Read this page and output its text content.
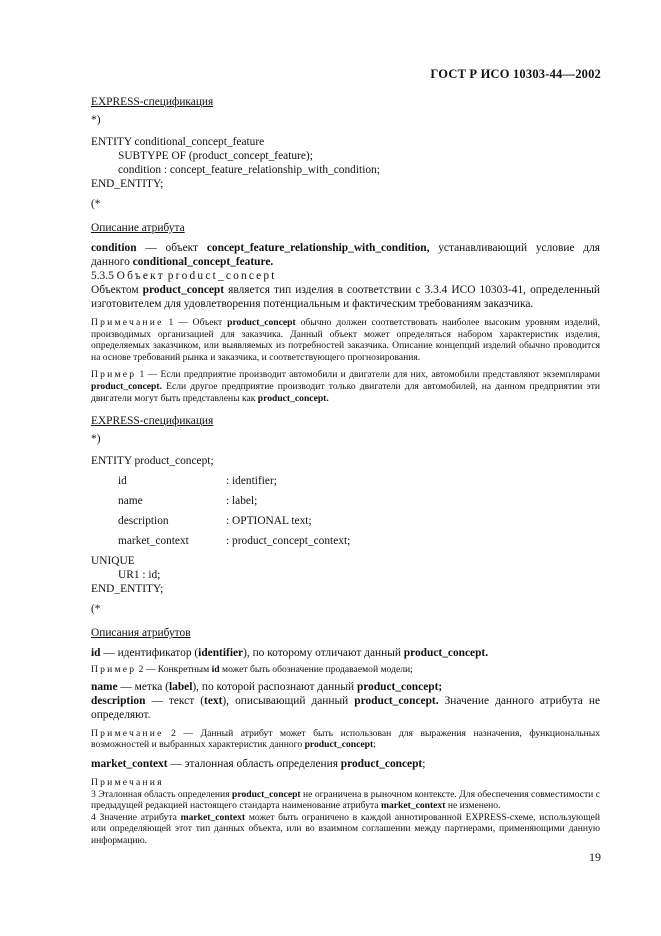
ГОСТ Р ИСО 10303-44—2002
EXPRESS-спецификация
*)
ENTITY conditional_concept_feature
SUBTYPE OF (product_concept_feature);
condition : concept_feature_relationship_with_condition;
END_ENTITY;
(*
Описание атрибута

condition — объект concept_feature_relationship_with_condition, устанавливающий условие для данного conditional_concept_feature.

5.3.5 Объект product_concept

Объектом product_concept является тип изделия в соответствии с 3.3.4 ИСО 10303-41, определенный изготовителем для удовлетворения потенциальным и фактическим требованиям заказчика.

Примечание 1 — Объект product_concept обычно должен соответствовать наиболее высоким уровням изделий, производимых организацией для заказчика. Данный объект может определяться набором характеристик изделия, определяемых заказчиком, или выявляемых из потребностей заказчика. Описание концепций изделий обычно проводится на основе требований рынка и заказчика, и соответствующего прогнозирования.

Пример 1 — Если предприятие производит автомобили и двигатели для них, автомобили представляют экземплярами product_concept. Если другое предприятие производит только двигатели для автомобилей, на данном предприятии эти двигатели могут быть представлены как product_concept.

EXPRESS-спецификация
*)
ENTITY product_concept;
id	: identifier;
name	: label;
description	: OPTIONAL text;
market_context	: product_concept_context;
UNIQUE
UR1 : id;
END_ENTITY;
(*
Описания атрибутов

id — идентификатор (identifier), по которому отличают данный product_concept.

Пример 2 — Конкретным id может быть обозначение продаваемой модели;

name — метка (label), по которой распознают данный product_concept;

description — текст (text), описывающий данный product_concept. Значение данного атрибута не определяют.

Примечание 2 — Данный атрибут может быть использован для выражения назначения, функциональных возможностей и выбранных характеристик данного product_concept;

market_context — эталонная область определения product_concept;

Примечания

3 Эталонная область определения product_concept не ограничена в рыночном контексте. Для обеспечения совместимости с предыдущей редакцией настоящего стандарта наименование атрибута market_context не изменено.

4 Значение атрибута market_context может быть ограничено в каждой аннотированной EXPRESS-схеме, использующей или определяющей этот тип данных объекта, или во взаимном соглашении между партнерами, применяющими данную информацию.

19
